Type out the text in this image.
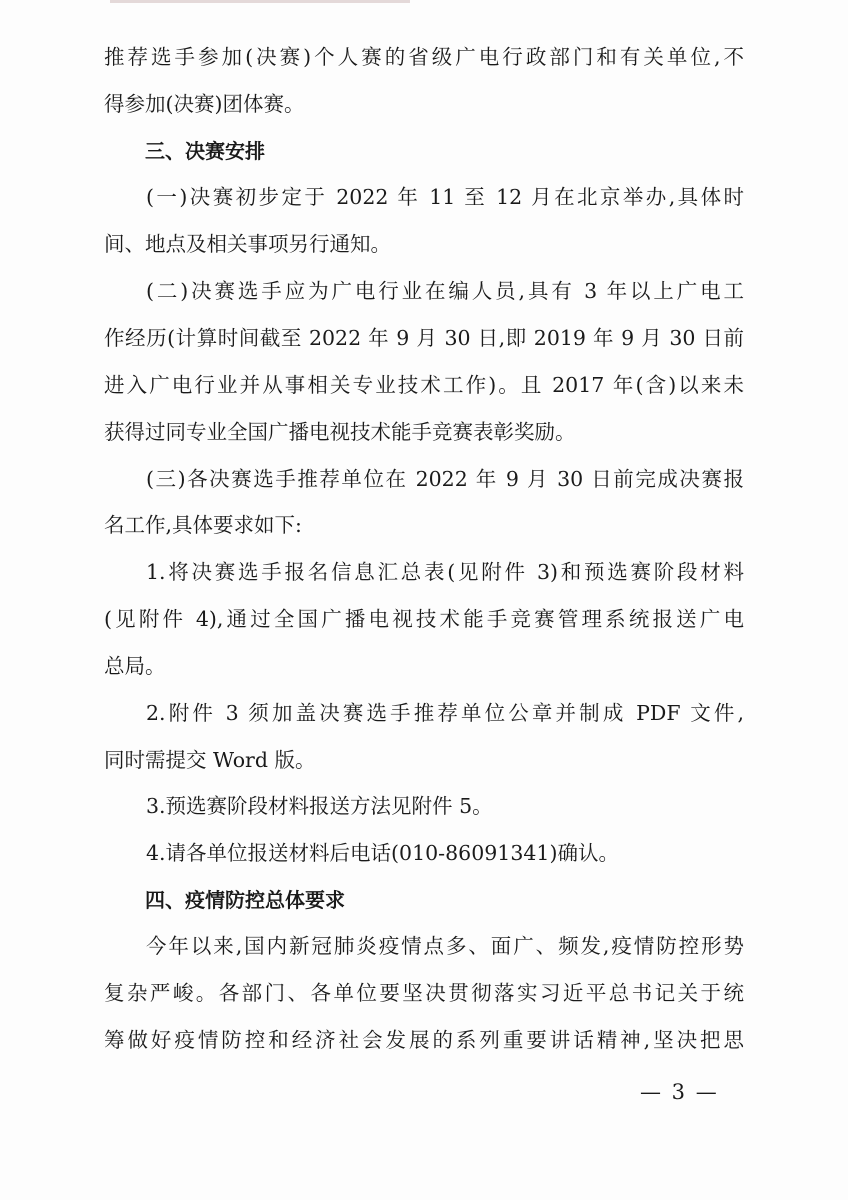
推荐选手参加(决赛)个人赛的省级广电行政部门和有关单位,不
得参加(决赛)团体赛。
三、决赛安排
(一)决赛初步定于 2022 年 11 至 12 月在北京举办,具体时
间、地点及相关事项另行通知。
(二)决赛选手应为广电行业在编人员,具有 3 年以上广电工
作经历(计算时间截至 2022 年 9 月 30 日,即 2019 年 9 月 30 日前
进入广电行业并从事相关专业技术工作)。且 2017 年(含)以来未
获得过同专业全国广播电视技术能手竞赛表彰奖励。
(三)各决赛选手推荐单位在 2022 年 9 月 30 日前完成决赛报
名工作,具体要求如下:
1.将决赛选手报名信息汇总表(见附件 3)和预选赛阶段材料
(见附件 4),通过全国广播电视技术能手竞赛管理系统报送广电
总局。
2.附件 3 须加盖决赛选手推荐单位公章并制成 PDF 文件,
同时需提交 Word 版。
3.预选赛阶段材料报送方法见附件 5。
4.请各单位报送材料后电话(010-86091341)确认。
四、疫情防控总体要求
今年以来,国内新冠肺炎疫情点多、面广、频发,疫情防控形势
复杂严峻。各部门、各单位要坚决贯彻落实习近平总书记关于统
筹做好疫情防控和经济社会发展的系列重要讲话精神,坚决把思
— 3 —
